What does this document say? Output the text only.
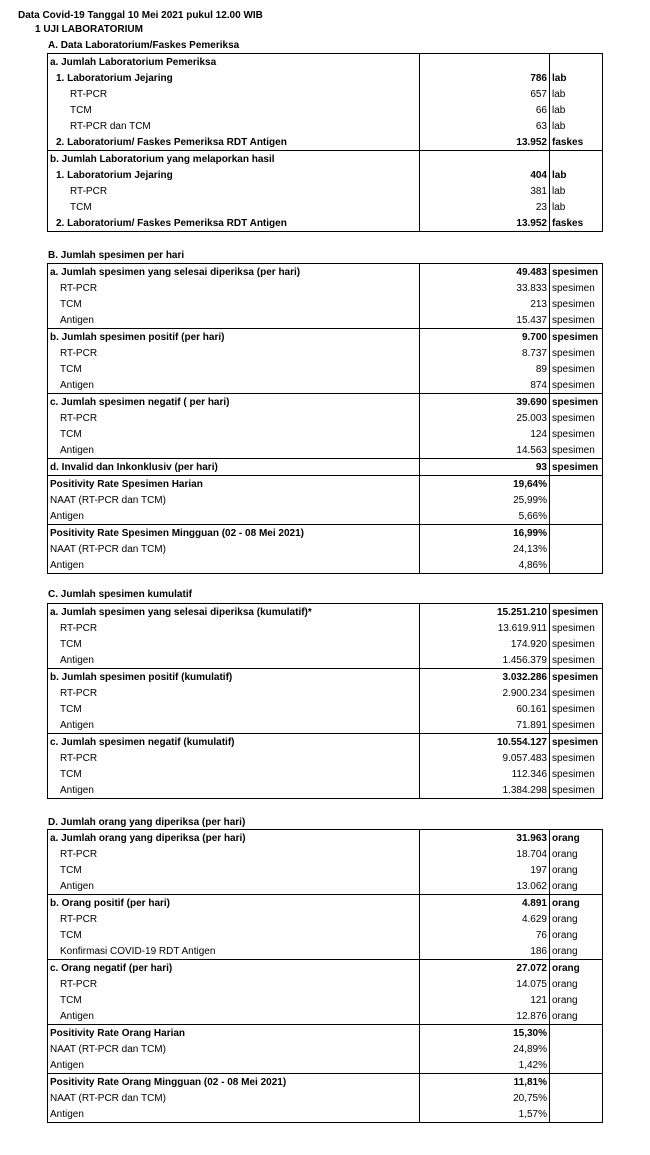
Data Covid-19 Tanggal 10 Mei 2021 pukul 12.00 WIB
1 UJI LABORATORIUM
A. Data Laboratorium/Faskes Pemeriksa
a. Jumlah Laboratorium Pemeriksa		
1. Laboratorium Jejaring	786	lab
RT-PCR	657	lab
TCM	66	lab
RT-PCR dan TCM	63	lab
2. Laboratorium/ Faskes Pemeriksa RDT Antigen	13.952	faskes
b. Jumlah Laboratorium yang melaporkan hasil		
1. Laboratorium Jejaring	404	lab
RT-PCR	381	lab
TCM	23	lab
2. Laboratorium/ Faskes Pemeriksa RDT Antigen	13.952	faskes
B. Jumlah spesimen per hari
a. Jumlah spesimen yang selesai diperiksa (per hari)	49.483	spesimen
RT-PCR	33.833	spesimen
TCM	213	spesimen
Antigen	15.437	spesimen
b. Jumlah spesimen positif (per hari)	9.700	spesimen
RT-PCR	8.737	spesimen
TCM	89	spesimen
Antigen	874	spesimen
c. Jumlah spesimen negatif ( per hari)	39.690	spesimen
RT-PCR	25.003	spesimen
TCM	124	spesimen
Antigen	14.563	spesimen
d. Invalid dan Inkonklusiv (per hari)	93	spesimen
Positivity Rate Spesimen Harian	19,64%	
NAAT (RT-PCR dan TCM)	25,99%	
Antigen	5,66%	
Positivity Rate Spesimen Mingguan (02 - 08 Mei 2021)	16,99%	
NAAT (RT-PCR dan TCM)	24,13%	
Antigen	4,86%	
C. Jumlah spesimen kumulatif
a. Jumlah spesimen yang selesai diperiksa (kumulatif)*	15.251.210	spesimen
RT-PCR	13.619.911	spesimen
TCM	174.920	spesimen
Antigen	1.456.379	spesimen
b. Jumlah spesimen positif (kumulatif)	3.032.286	spesimen
RT-PCR	2.900.234	spesimen
TCM	60.161	spesimen
Antigen	71.891	spesimen
c. Jumlah spesimen negatif (kumulatif)	10.554.127	spesimen
RT-PCR	9.057.483	spesimen
TCM	112.346	spesimen
Antigen	1.384.298	spesimen
D. Jumlah orang yang diperiksa (per hari)
a. Jumlah orang yang diperiksa (per hari)	31.963	orang
RT-PCR	18.704	orang
TCM	197	orang
Antigen	13.062	orang
b. Orang positif (per hari)	4.891	orang
RT-PCR	4.629	orang
TCM	76	orang
Konfirmasi COVID-19 RDT Antigen	186	orang
c. Orang negatif (per hari)	27.072	orang
RT-PCR	14.075	orang
TCM	121	orang
Antigen	12.876	orang
Positivity Rate Orang Harian	15,30%	
NAAT (RT-PCR dan TCM)	24,89%	
Antigen	1,42%	
Positivity Rate Orang Mingguan (02 - 08 Mei 2021)	11,81%	
NAAT (RT-PCR dan TCM)	20,75%	
Antigen	1,57%	
